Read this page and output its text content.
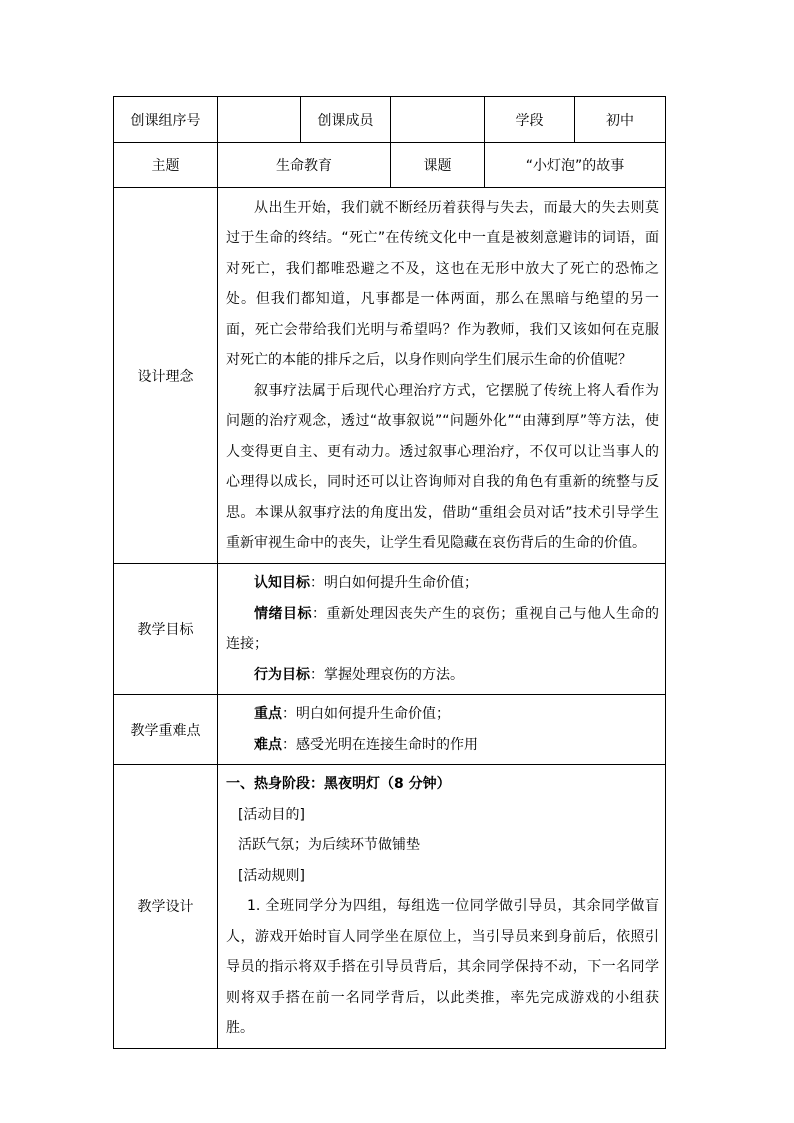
创课组序号		创课成员		学段	初中
主题	生命教育		课题	“小灯泡”的故事	
设计理念	从出生开始，我们就不断经历着获得与失去，而最大的失去则莫过于生命的终结。“死亡”在传统文化中一直是被刻意避讳的词语，面对死亡，我们都唯恐避之不及，这也在无形中放大了死亡的恐怖之处。但我们都知道，凡事都是一体两面，那么在黑暗与绝望的另一面，死亡会带给我们光明与希望吗？作为教师，我们又该如何在克服对死亡的本能的排斥之后，以身作则向学生们展示生命的价值呢？

叙事疗法属于后现代心理治疗方式，它摆脱了传统上将人看作为问题的治疗观念，透过“故事叙说”“问题外化”“由薄到厚”等方法，使人变得更自主、更有动力。透过叙事心理治疗，不仅可以让当事人的心理得以成长，同时还可以让咨询师对自我的角色有重新的统整与反思。本课从叙事疗法的角度出发，借助“重组会员对话”技术引导学生重新审视生命中的丧失，让学生看见隐藏在哀伤背后的生命的价值。				

教学目标	认知目标：明白如何提升生命价值；

情绪目标：重新处理因丧失产生的哀伤；重视自己与他人生命的连接；

行为目标：掌握处理哀伤的方法。				

教学重难点	重点：明白如何提升生命价值；

难点：感受光明在连接生命时的作用				

教学设计	一、热身阶段：黑夜明灯（8 分钟）

[活动目的]

活跃气氛；为后续环节做铺垫

[活动规则]

1. 全班同学分为四组，每组选一位同学做引导员，其余同学做盲人，游戏开始时盲人同学坐在原位上，当引导员来到身前后，依照引导员的指示将双手搭在引导员背后，其余同学保持不动，下一名同学则将双手搭在前一名同学背后，以此类推，率先完成游戏的小组获胜。				
